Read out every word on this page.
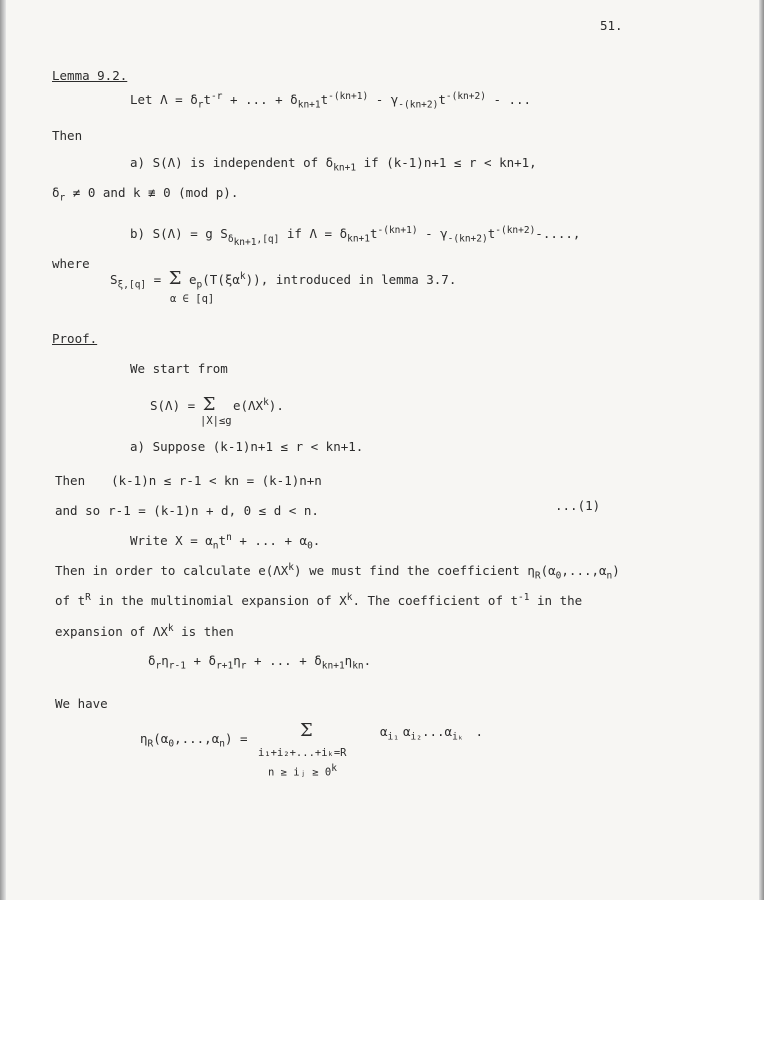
51.
Lemma 9.2.
Let $\Lambda = \delta_rt^{-r}$ + ... + $\delta_{kn+1}t^{-(kn+1)} - \gamma_{-(kn+2)}t^{-(kn+2)}$ - ...
Then
a) S(Λ) is independent of $\delta_{kn+1}$ if (k-1)n+1 ≤ r < kn+1,
$\delta_r \ne 0$ and k ≢ 0 (mod p).
b) S(Λ) = g $S_{\delta_{kn+1},[q]}$ if $\Lambda = \delta_{kn+1}t^{-(kn+1)} - \gamma_{-(kn+2)}t^{-(kn+2)}-$....,
where
$S_{\xi,[q]} = \Sigma$ $e_p(T(\xi\alpha^k))$, introduced in lemma 3.7.
α ∈ [q]
Proof.
We start from
S(Λ) = Σ $e(\Lambda X^k)$.
|X|≤g
a) Suppose (k-1)n+1 ≤ r < kn+1.
Then (k-1)n ≤ r-1 < kn = (k-1)n+n
and so r-1 = (k-1)n + d, 0 ≤ d < n.	...(1)
Write $X = \alpha_nt^n$ + ... + $\alpha_0$.
Then in order to calculate $e(\Lambda X^k)$ we must find the coefficient $\eta_R(\alpha_0,...,\alpha_n)$
of $t^R$ in the multinomial expansion of $X^k$. The coefficient of $t^{-1}$ in the
expansion of $\Lambda X^k$ is then
$\delta_r\eta_{r-1} + \delta_{r+1}\eta_r$ + ... + $\delta_{kn+1}\eta_{kn}$.
We have
$\eta_R(\alpha_0,...,\alpha_n)$ =	Σ	$\alpha_{i_1}$ $\alpha_{i_2}...\alpha_{i_k}$ .
i₁+i₂+...+iₖ=R
n ≥ iⱼ ≥ $0^k$
